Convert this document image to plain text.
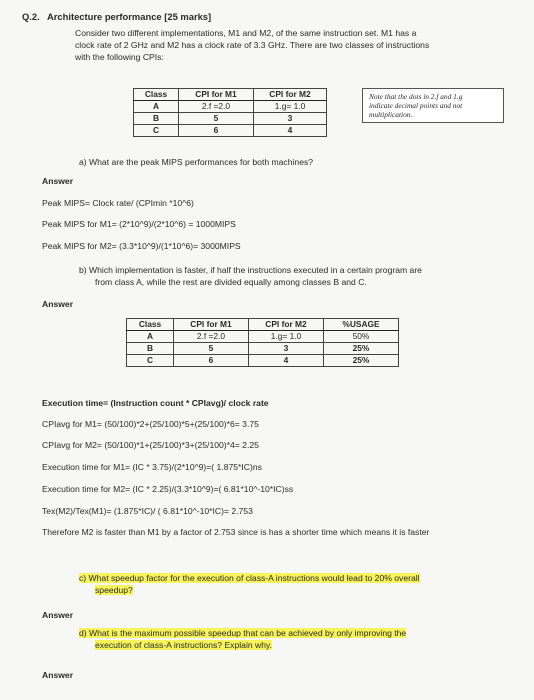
Q.2. Architecture performance [25 marks]
Consider two different implementations, M1 and M2, of the same instruction set. M1 has a
clock rate of 2 GHz and M2 has a clock rate of 3.3 GHz. There are two classes of instructions
with the following CPIs:
Class	CPI for M1	CPI for M2
A	2.f =2.0	1.g= 1.0
B	5	3
C	6	4
Note that the dots in 2.f and 1.g
indicate decimal points and not
multiplication.
a) What are the peak MIPS performances for both machines?
Answer
Peak MIPS= Clock rate/ (CPImin *10^6)
Peak MIPS for M1= (2*10^9)/(2*10^6) = 1000MIPS
Peak MIPS for M2= (3.3*10^9)/(1*10^6)= 3000MIPS
b) Which implementation is faster, if half the instructions executed in a certain program are
from class A, while the rest are divided equally among classes B and C.
Answer
Class	CPI for M1	CPI for M2	%USAGE
A	2.f =2.0	1.g= 1.0	50%
B	5	3	25%
C	6	4	25%
Execution time= (Instruction count * CPIavg)/ clock rate
CPIavg for M1= (50/100)*2+(25/100)*5+(25/100)*6= 3.75
CPIavg for M2= (50/100)*1+(25/100)*3+(25/100)*4= 2.25
Execution time for M1= (IC * 3.75)/(2*10^9)=( 1.875*IC)ns
Execution time for M2= (IC * 2.25)/(3.3*10^9)=( 6.81*10^-10*IC)ss
Tex(M2)/Tex(M1)= (1.875*IC)/ ( 6.81*10^-10*IC)= 2.753
Therefore M2 is faster than M1 by a factor of 2.753 since is has a shorter time which means it is faster
c) What speedup factor for the execution of class-A instructions would lead to 20% overall
speedup?
Answer
d) What is the maximum possible speedup that can be achieved by only improving the
execution of class-A instructions? Explain why.
Answer
